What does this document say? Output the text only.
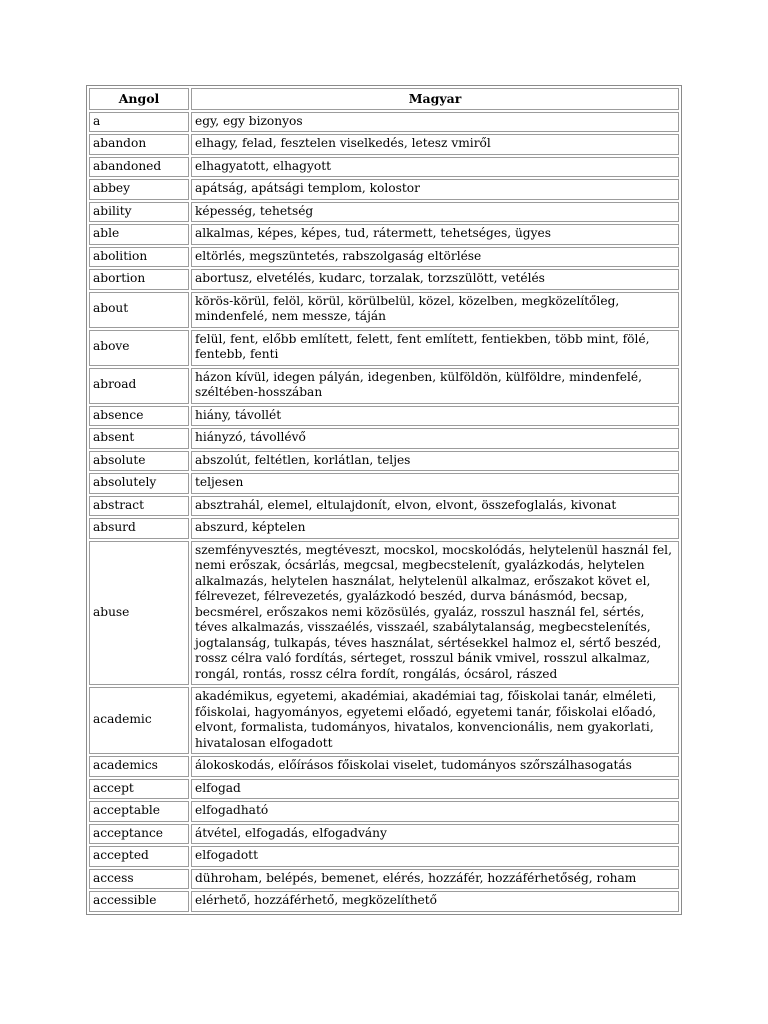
Angol	Magyar
a	egy, egy bizonyos
abandon	elhagy, felad, fesztelen viselkedés, letesz vmiről
abandoned	elhagyatott, elhagyott
abbey	apátság, apátsági templom, kolostor
ability	képesség, tehetség
able	alkalmas, képes, képes, tud, rátermett, tehetséges, ügyes
abolition	eltörlés, megszüntetés, rabszolgaság eltörlése
abortion	abortusz, elvetélés, kudarc, torzalak, torzszülött, vetélés
about	körös-körül, felöl, körül, körülbelül, közel, közelben, megközelítőleg, mindenfelé, nem messze, táján
above	felül, fent, előbb említett, felett, fent említett, fentiekben, több mint, fölé, fentebb, fenti
abroad	házon kívül, idegen pályán, idegenben, külföldön, külföldre, mindenfelé, széltében-hosszában
absence	hiány, távollét
absent	hiányzó, távollévő
absolute	abszolút, feltétlen, korlátlan, teljes
absolutely	teljesen
abstract	absztrahál, elemel, eltulajdonít, elvon, elvont, összefoglalás, kivonat
absurd	abszurd, képtelen
abuse	szemfényvesztés, megtéveszt, mocskol, mocskolódás, helytelenül használ fel, nemi erőszak, ócsárlás, megcsal, megbecstelenít, gyalázkodás, helytelen alkalmazás, helytelen használat, helytelenül alkalmaz, erőszakot követ el, félrevezet, félrevezetés, gyalázkodó beszéd, durva bánásmód, becsap, becsmérel, erőszakos nemi közösülés, gyaláz, rosszul használ fel, sértés, téves alkalmazás, visszaélés, visszaél, szabálytalanság, megbecstelenítés, jogtalanság, tulkapás, téves használat, sértésekkel halmoz el, sértő beszéd, rossz célra való fordítás, sérteget, rosszul bánik vmivel, rosszul alkalmaz, rongál, rontás, rossz célra fordít, rongálás, ócsárol, rászed
academic	akadémikus, egyetemi, akadémiai, akadémiai tag, főiskolai tanár, elméleti, főiskolai, hagyományos, egyetemi előadó, egyetemi tanár, főiskolai előadó, elvont, formalista, tudományos, hivatalos, konvencionális, nem gyakorlati, hivatalosan elfogadott
academics	álokoskodás, előírásos főiskolai viselet, tudományos szőrszálhasogatás
accept	elfogad
acceptable	elfogadható
acceptance	átvétel, elfogadás, elfogadvány
accepted	elfogadott
access	dühroham, belépés, bemenet, elérés, hozzáfér, hozzáférhetőség, roham
accessible	elérhető, hozzáférhető, megközelíthető
